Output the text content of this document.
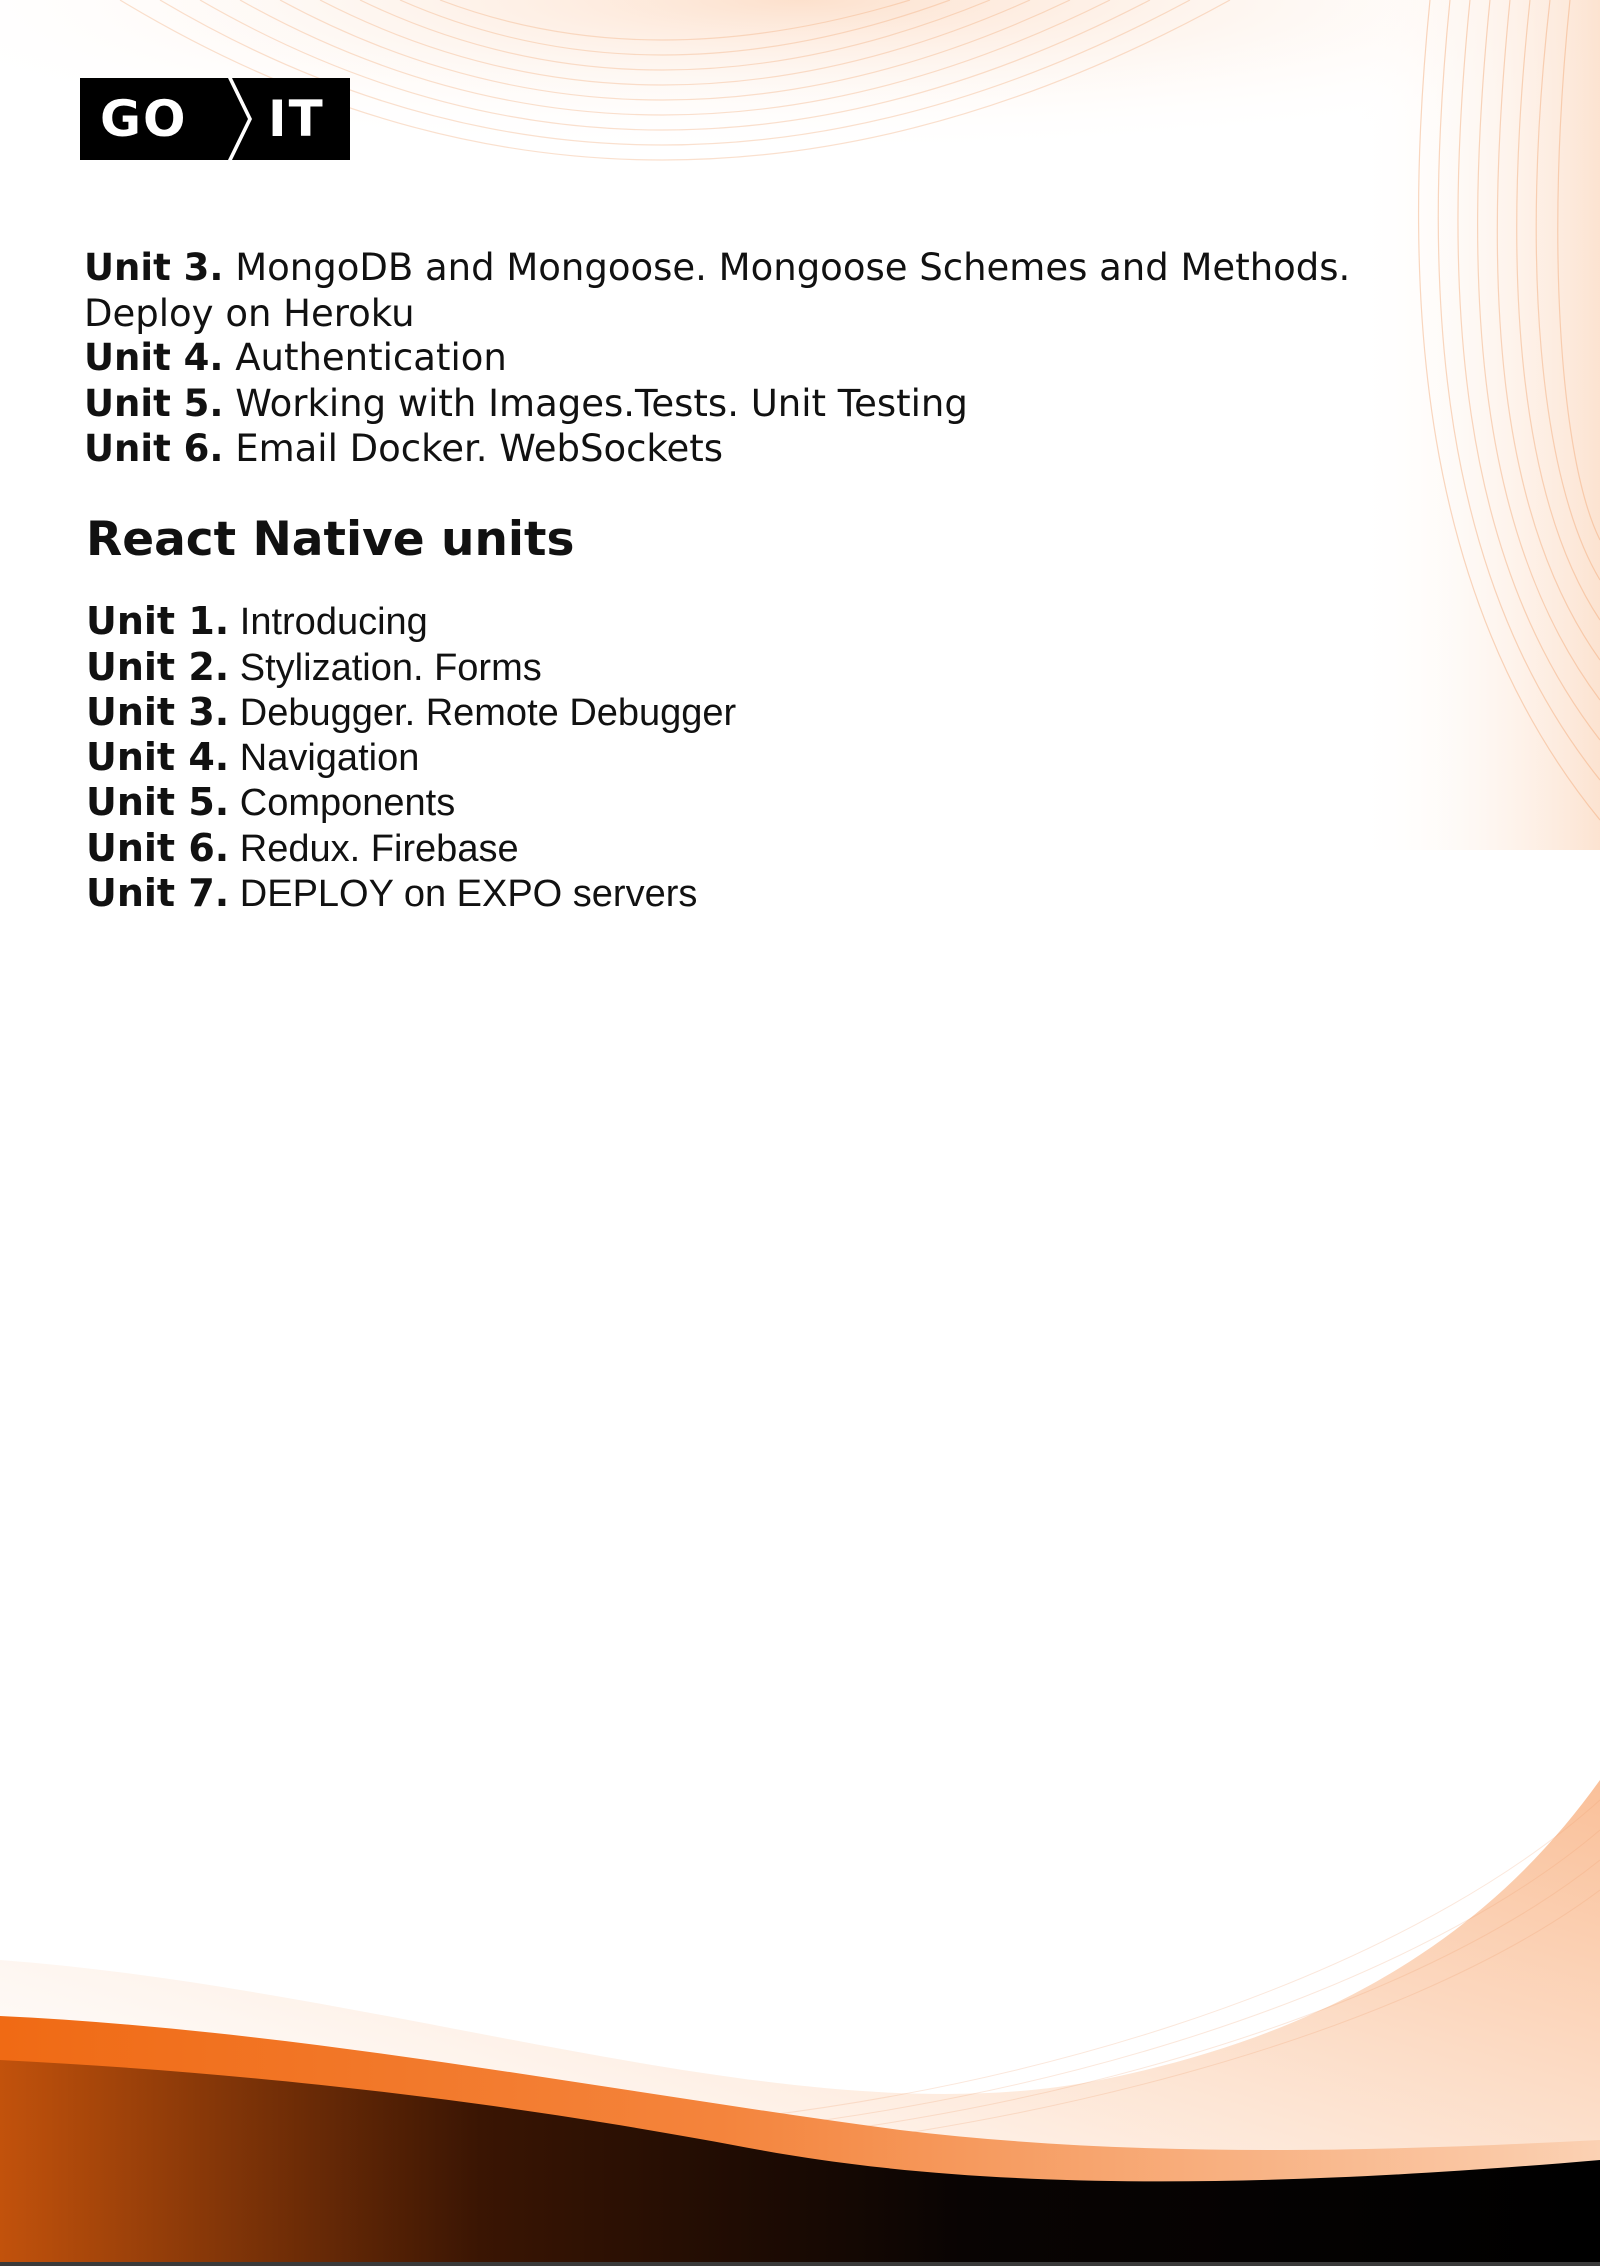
GO IT
Unit 3. MongoDB and Mongoose. Mongoose Schemes and Methods.
Deploy on Heroku
Unit 4. Authentication
Unit 5. Working with Images.Tests. Unit Testing
Unit 6. Email Docker. WebSockets
React Native units
Unit 1. Introducing
Unit 2. Stylization. Forms
Unit 3. Debugger. Remote Debugger
Unit 4. Navigation
Unit 5. Components
Unit 6. Redux. Firebase
Unit 7. DEPLOY on EXPO servers
